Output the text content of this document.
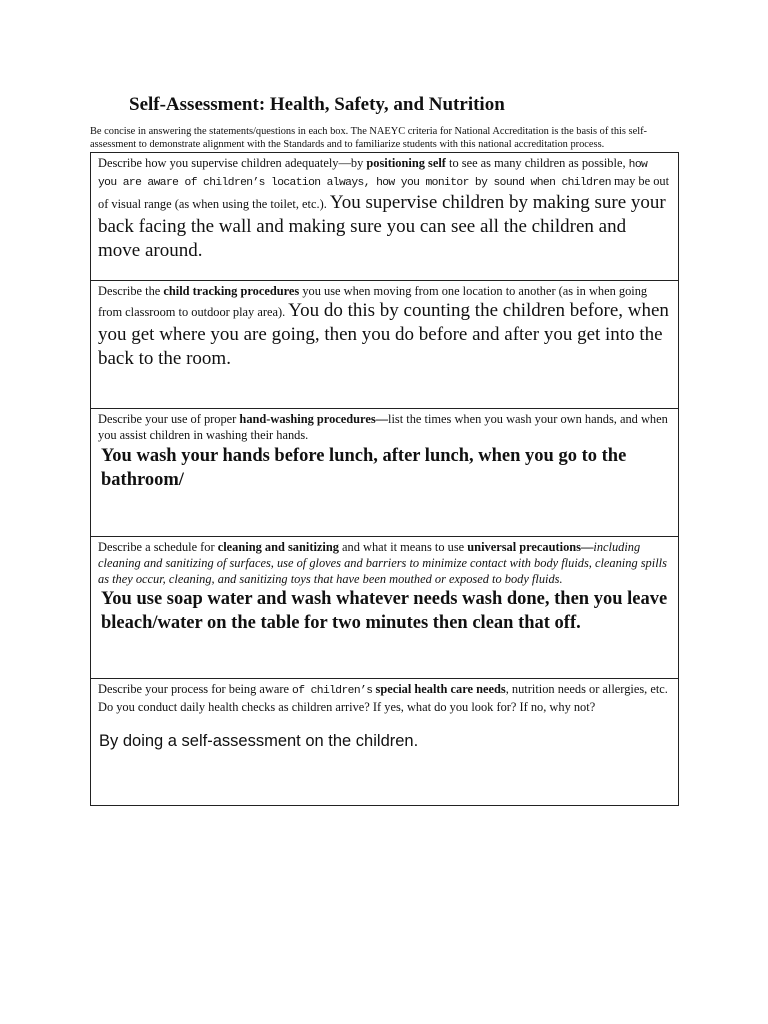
Self-Assessment: Health, Safety, and Nutrition
Be concise in answering the statements/questions in each box. The NAEYC criteria for National Accreditation is the basis of this self-assessment to demonstrate alignment with the Standards and to familiarize students with this national accreditation process.
Describe how you supervise children adequately—by positioning self to see as many children as possible, how you are aware of children’s location always, how you monitor by sound when children may be out of visual range (as when using the toilet, etc.). You supervise children by making sure your back facing the wall and making sure you can see all the children and move around.
Describe the child tracking procedures you use when moving from one location to another (as in when going from classroom to outdoor play area). You do this by counting the children before, when you get where you are going, then you do before and after you get into the back to the room.
Describe your use of proper hand-washing procedures—list the times when you wash your own hands, and when you assist children in washing their hands.
You wash your hands before lunch, after lunch, when you go to the bathroom/
Describe a schedule for cleaning and sanitizing and what it means to use universal precautions—including cleaning and sanitizing of surfaces, use of gloves and barriers to minimize contact with body fluids, cleaning spills as they occur, cleaning, and sanitizing toys that have been mouthed or exposed to body fluids.
You use soap water and wash whatever needs wash done, then you leave bleach/water on the table for two minutes then clean that off.
Describe your process for being aware of children’s special health care needs, nutrition needs or allergies, etc. Do you conduct daily health checks as children arrive? If yes, what do you look for? If no, why not?
By doing a self-assessment on the children.
